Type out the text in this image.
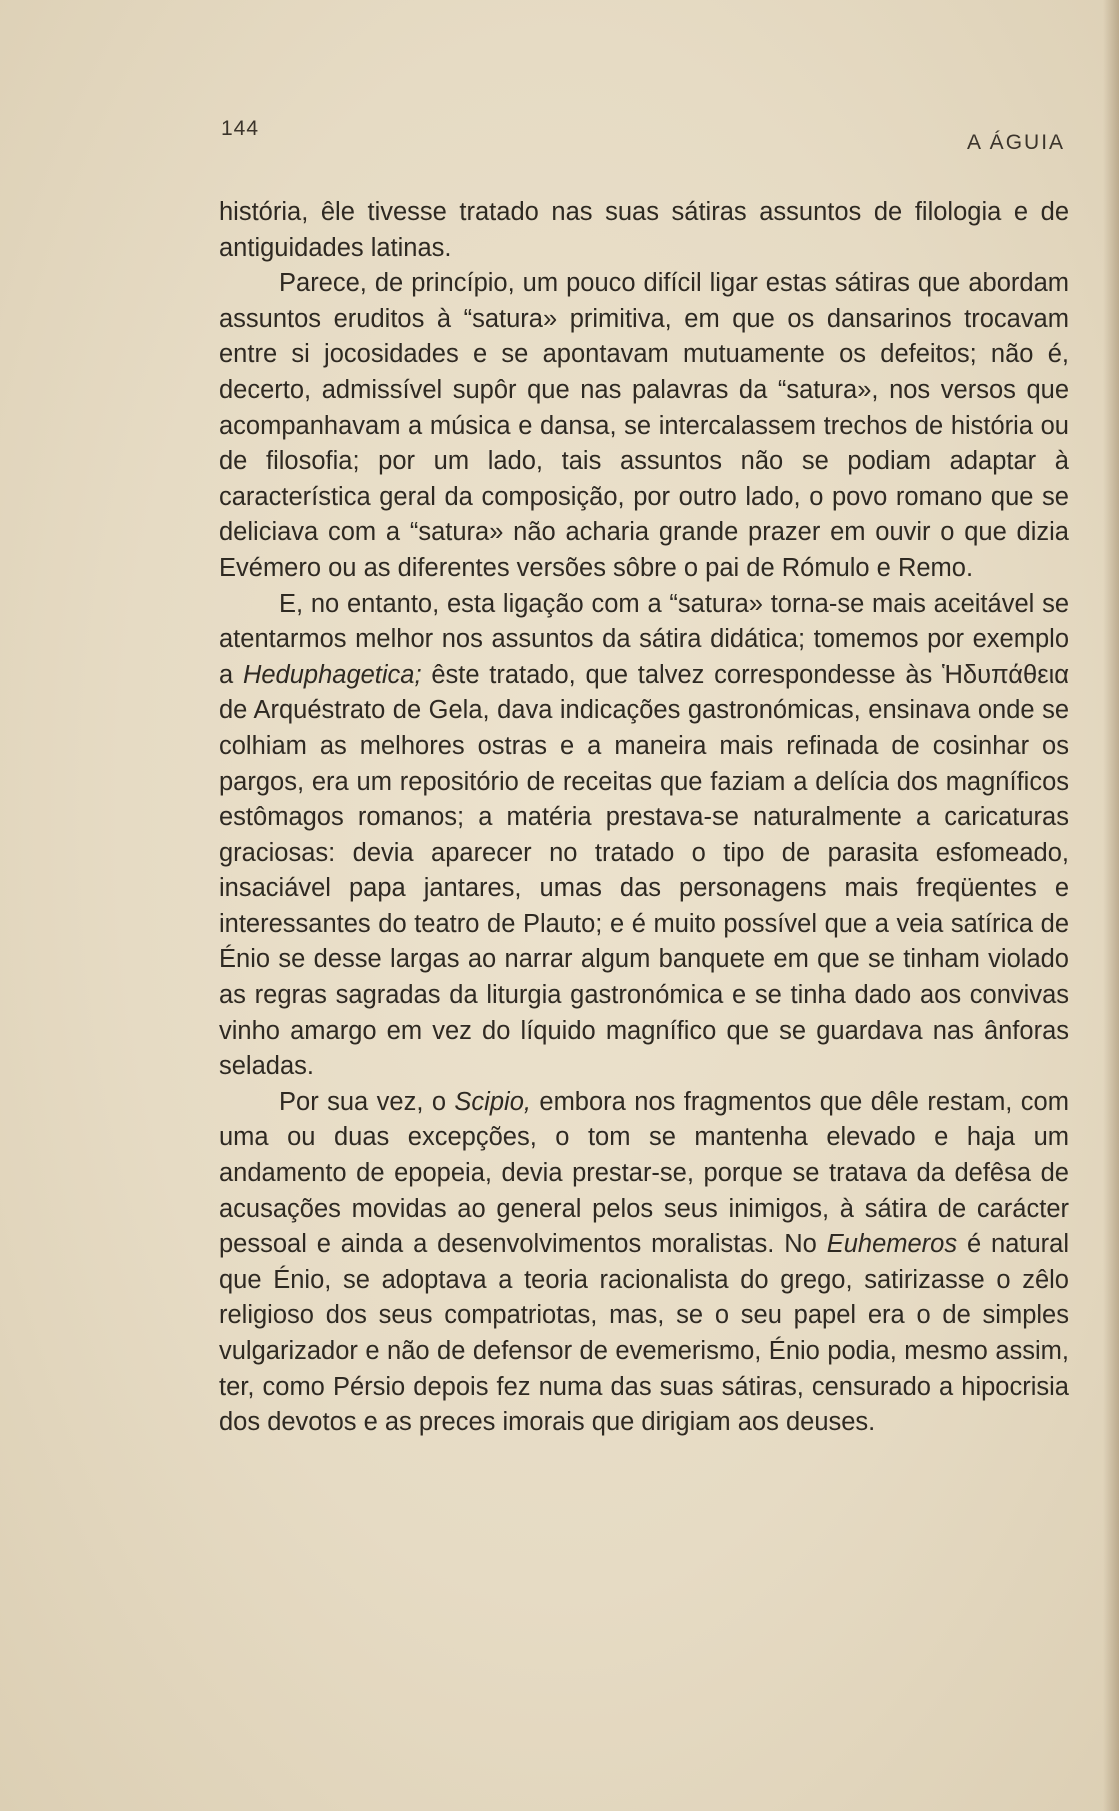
144
A ÁGUIA

história, êle tivesse tratado nas suas sátiras assuntos de filologia e de antiguidades latinas.

Parece, de princípio, um pouco difícil ligar estas sátiras que abordam assuntos eruditos à “satura» primitiva, em que os dansarinos trocavam entre si jocosidades e se apontavam mutuamente os defeitos; não é, decerto, admissível supôr que nas palavras da “satura», nos versos que acompanhavam a música e dansa, se intercalassem trechos de história ou de filosofia; por um lado, tais assuntos não se podiam adaptar à característica geral da composição, por outro lado, o povo romano que se deliciava com a “satura» não acharia grande prazer em ouvir o que dizia Evémero ou as diferentes versões sôbre o pai de Rómulo e Remo.

E, no entanto, esta ligação com a “satura» torna-se mais aceitável se atentarmos melhor nos assuntos da sátira didática; tomemos por exemplo a Heduphagetica; êste tratado, que talvez correspondesse às Ἡδυπάθεια de Arquéstrato de Gela, dava indicações gastronómicas, ensinava onde se colhiam as melhores ostras e a maneira mais refinada de cosinhar os pargos, era um repositório de receitas que faziam a delícia dos magníficos estômagos romanos; a matéria prestava-se naturalmente a caricaturas graciosas: devia aparecer no tratado o tipo de parasita esfomeado, insaciável papa jantares, umas das personagens mais freqüentes e interessantes do teatro de Plauto; e é muito possível que a veia satírica de Énio se desse largas ao narrar algum banquete em que se tinham violado as regras sagradas da liturgia gastronómica e se tinha dado aos convivas vinho amargo em vez do líquido magnífico que se guardava nas ânforas seladas.

Por sua vez, o Scipio, embora nos fragmentos que dêle restam, com uma ou duas excepções, o tom se mantenha elevado e haja um andamento de epopeia, devia prestar-se, porque se tratava da defêsa de acusações movidas ao general pelos seus inimigos, à sátira de carácter pessoal e ainda a desenvolvimentos moralistas. No Euhemeros é natural que Énio, se adoptava a teoria racionalista do grego, satirizasse o zêlo religioso dos seus compatriotas, mas, se o seu papel era o de simples vulgarizador e não de defensor de evemerismo, Énio podia, mesmo assim, ter, como Pérsio depois fez numa das suas sátiras, censurado a hipocrisia dos devotos e as preces imorais que dirigiam aos deuses.
